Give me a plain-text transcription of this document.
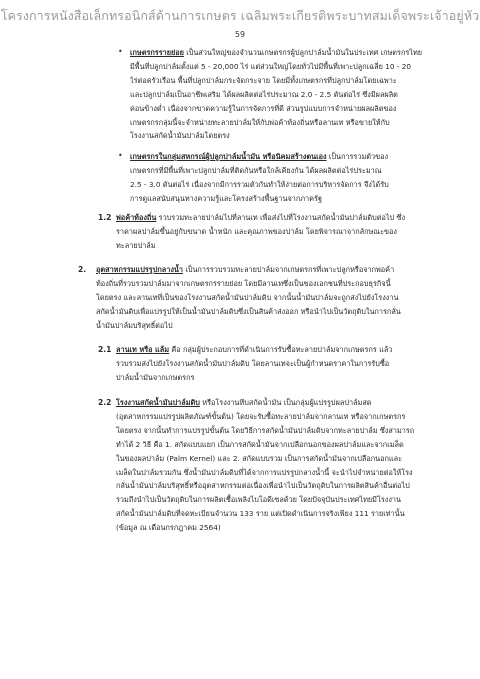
โครงการหนังสือเล็กทรอนิกส์ด้านการเกษตร เฉลิมพระเกียรติพระบาทสมเด็จพระเจ้าอยู่หัว
59
• เกษตรกรรายย่อย เป็นส่วนใหญ่ของจำนวนเกษตรกรผู้ปลูกปาล์มน้ำมันในประเทศ เกษตรกรไทย
มีพื้นที่ปลูกปาล์มตั้งแต่ 5 - 20,000 ไร่ แต่ส่วนใหญ่โดยทั่วไปมีพื้นที่เพาะปลูกเฉลี่ย 10 - 20
ไร่ต่อครัวเรือน พื้นที่ปลูกปาล์มกระจัดกระจาย โดยมีทั้งเกษตรกรที่ปลูกปาล์มโดยเฉพาะ
และปลูกปาล์มเป็นอาชีพเสริม ได้ผลผลิตต่อไร่ประมาณ 2.0 - 2.5 ตันต่อไร่ ซึ่งมีผลผลิต
ค่อนข้างต่ำ เนื่องจากขาดความรู้ในการจัดการที่ดี ส่วนรูปแบบการจำหน่ายผลผลิตของ
เกษตรกรกลุ่มนี้จะจำหน่ายทะลายปาล์มให้กับพ่อค้าท้องถิ่นหรือลานเท หรือขายให้กับ
โรงงานสกัดน้ำมันปาล์มโดยตรง
• เกษตรกรในกลุ่มสหกรณ์ผู้ปลูกปาล์มน้ำมัน หรือนิคมสร้างตนเอง เป็นการรวมตัวของ
เกษตรกรที่มีพื้นที่เพาะปลูกปาล์มที่ติดกันหรือใกล้เคียงกัน ได้ผลผลิตต่อไร่ประมาณ
2.5 - 3.0 ตันต่อไร่ เนื่องจากมีการรวมตัวกันทำให้ง่ายต่อการบริหารจัดการ จึงได้รับ
การดูแลสนับสนุนทางความรู้และโครงสร้างพื้นฐานจากภาครัฐ
1.2 พ่อค้าท้องถิ่น รวบรวมทะลายปาล์มไปที่ลานเท เพื่อส่งไปที่โรงงานสกัดน้ำมันปาล์มดิบต่อไป ซึ่ง
ราคาผลปาล์มขึ้นอยู่กับขนาด น้ำหนัก และคุณภาพของปาล์ม โดยพิจารณาจากลักษณะของ
ทะลายปาล์ม
2. อุตสาหกรรมแปรรูปกลางน้ำ เป็นการรวบรวมทะลายปาล์มจากเกษตรกรที่เพาะปลูกหรือจากพ่อค้า
ท้องถิ่นที่รวบรวมปาล์มมาจากเกษตรกรรายย่อย โดยมีลานเทซึ่งเป็นของเอกชนที่ประกอบธุรกิจนี้
โดยตรง และลานเทที่เป็นของโรงงานสกัดน้ำมันปาล์มดิบ จากนั้นน้ำมันปาล์มจะถูกส่งไปยังโรงงาน
สกัดน้ำมันดิบเพื่อแปรรูปให้เป็นน้ำมันปาล์มดิบซึ่งเป็นสินค้าส่งออก หรือนำไปเป็นวัตถุดิบในการกลั่น
น้ำมันปาล์มบริสุทธิ์ต่อไป
2.1 ลานเท หรือ แล้ม คือ กลุ่มผู้ประกอบการที่ดำเนินการรับซื้อทะลายปาล์มจากเกษตรกร แล้ว
รวบรวมส่งไปยังโรงงานสกัดน้ำมันปาล์มดิบ โดยลานเทจะเป็นผู้กำหนดราคาในการรับซื้อ
ปาล์มน้ำมันจากเกษตรกร
2.2 โรงงานสกัดน้ำมันปาล์มดิบ หรือโรงงานหีบสกัดน้ำมัน เป็นกลุ่มผู้แปรรูปผลปาล์มสด
(อุตสาหกรรมแปรรูปผลิตภัณฑ์ขั้นต้น) โดยจะรับซื้อทะลายปาล์มจากลานเท หรือจากเกษตรกร
โดยตรง จากนั้นทำการแปรรูปขั้นต้น โดยวิธีการสกัดน้ำมันปาล์มดิบจากทะลายปาล์ม ซึ่งสามารถ
ทำได้ 2 วิธี คือ 1. สกัดแบบแยก เป็นการสกัดน้ำมันจากเปลือกนอกของผลปาล์มและจากเมล็ด
ในของผลปาล์ม (Palm Kernel) และ 2. สกัดแบบรวม เป็นการสกัดน้ำมันจากเปลือกนอกและ
เมล็ดในปาล์มรวมกัน ซึ่งน้ำมันปาล์มดิบที่ได้จากการแปรรูปกลางน้ำนี้ จะนำไปจำหน่ายต่อให้โรง
กลั่นน้ำมันปาล์มบริสุทธิ์หรืออุตสาหกรรมต่อเนื่องเพื่อนำไปเป็นวัตถุดิบในการผลิตสินค้าอื่นต่อไป
รวมถึงนำไปเป็นวัตถุดิบในการผลิตเชื้อเพลิงไบโอดีเซลด้วย โดยปัจจุบันประเทศไทยมีโรงงาน
สกัดน้ำมันปาล์มดิบที่จดทะเบียนจำนวน 133 ราย แต่เปิดดำเนินการจริงเพียง 111 รายเท่านั้น
(ข้อมูล ณ เดือนกรกฎาคม 2564)
